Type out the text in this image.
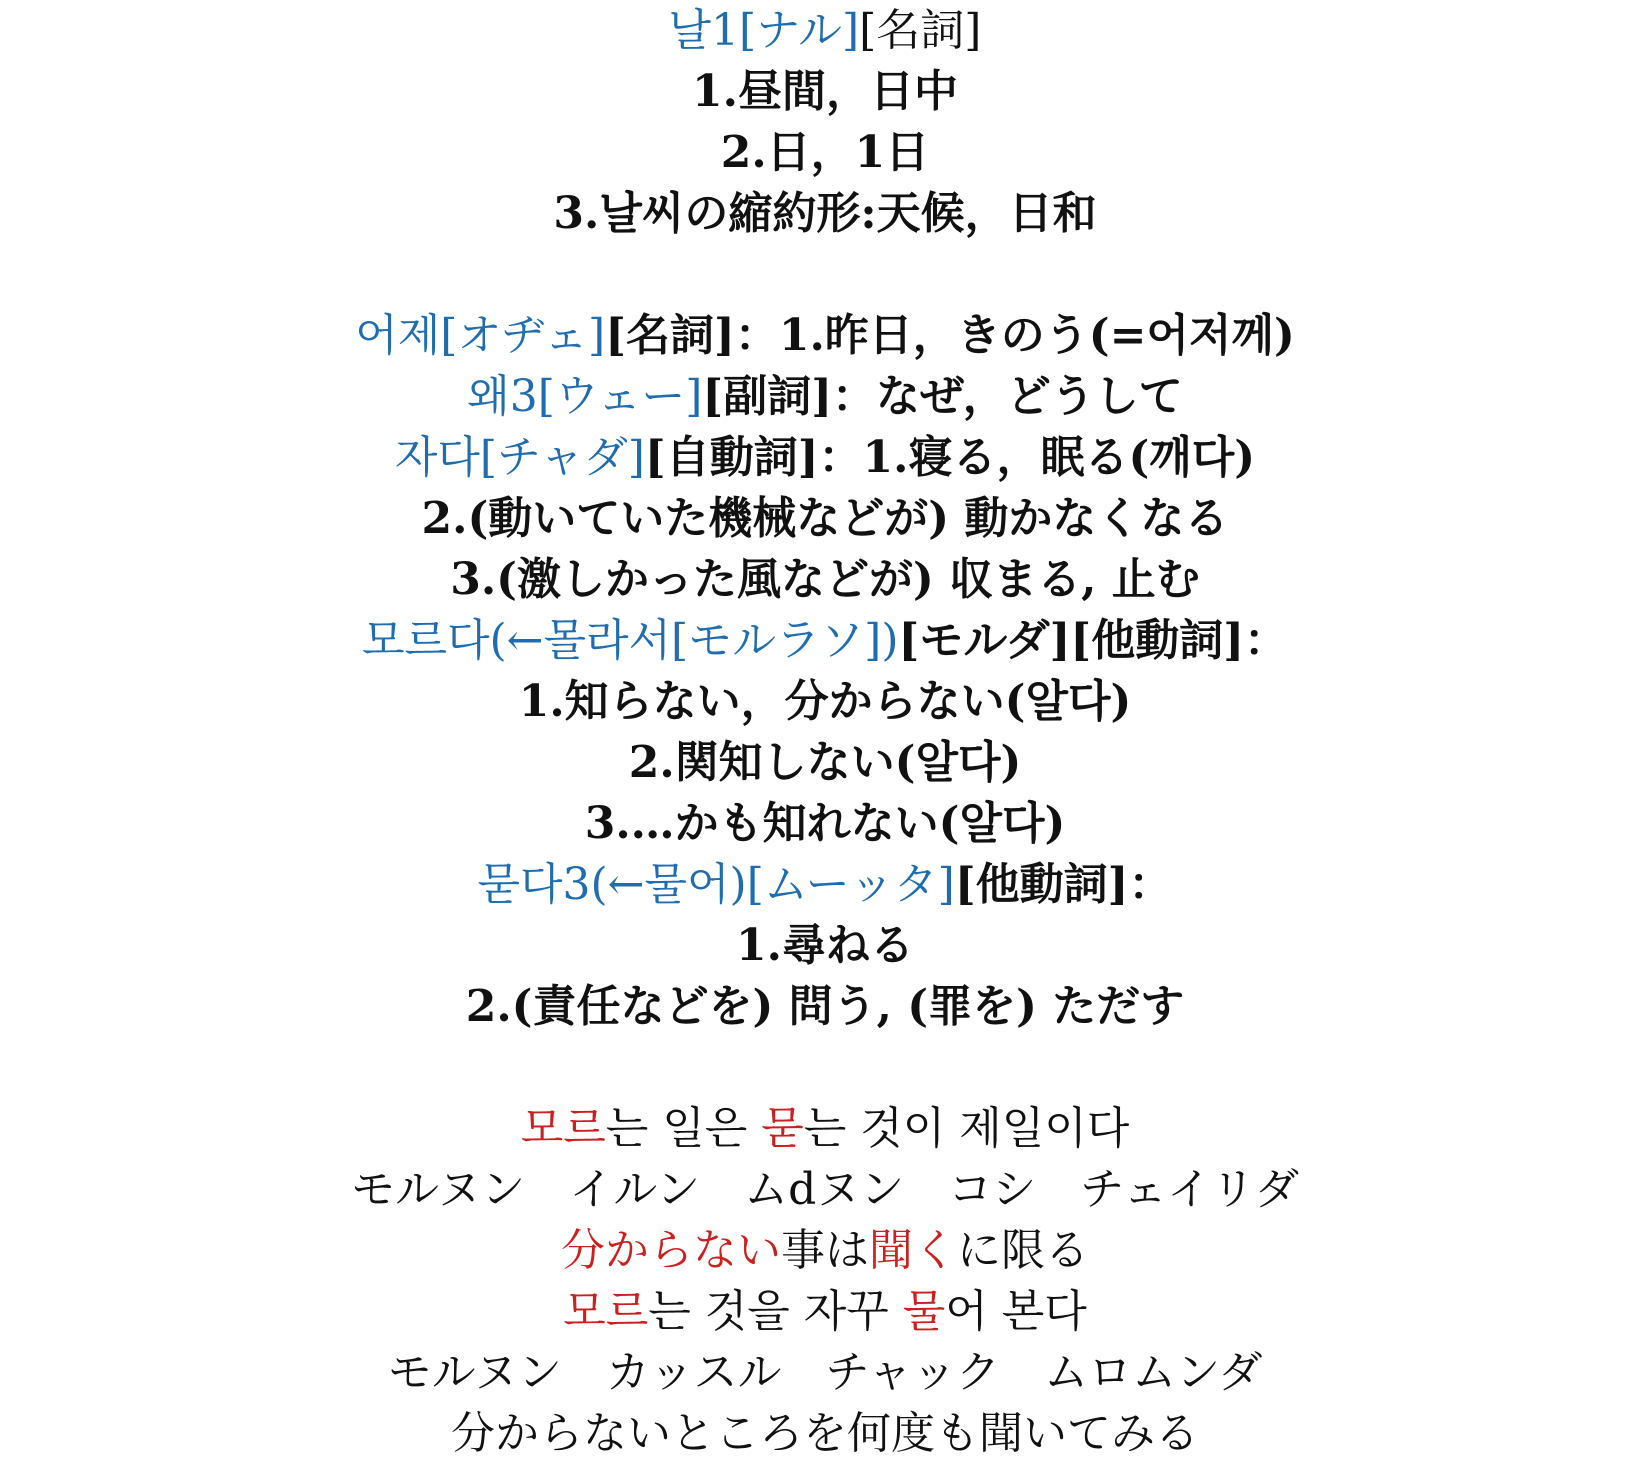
날1[ナル][名詞]
1.昼間，日中
2.日，1日
3.날씨の縮約形:天候，日和
어제[オヂェ][名詞]：1.昨日，きのう(=어저께)
왜3[ウェー][副詞]：なぜ，どうして
자다[チャダ][自動詞]：1.寝る，眠る(깨다)
2.(動いていた機械などが) 動かなくなる
3.(激しかった風などが) 収まる, 止む
모르다(←몰라서[モルラソ])[モルダ][他動詞]：
1.知らない，分からない(알다)
2.関知しない(알다)
3.…かも知れない(알다)
묻다3(←물어)[ムーッタ][他動詞]：
1.尋ねる
2.(責任などを) 問う, (罪を) ただす
모르는 일은 묻는 것이 제일이다
モルヌン　イルン　ムdヌン　コシ　チェイリダ
分からない事は聞くに限る
모르는 것을 자꾸 물어 본다
モルヌン　カッスル　チャック　ムロムンダ
分からないところを何度も聞いてみる
